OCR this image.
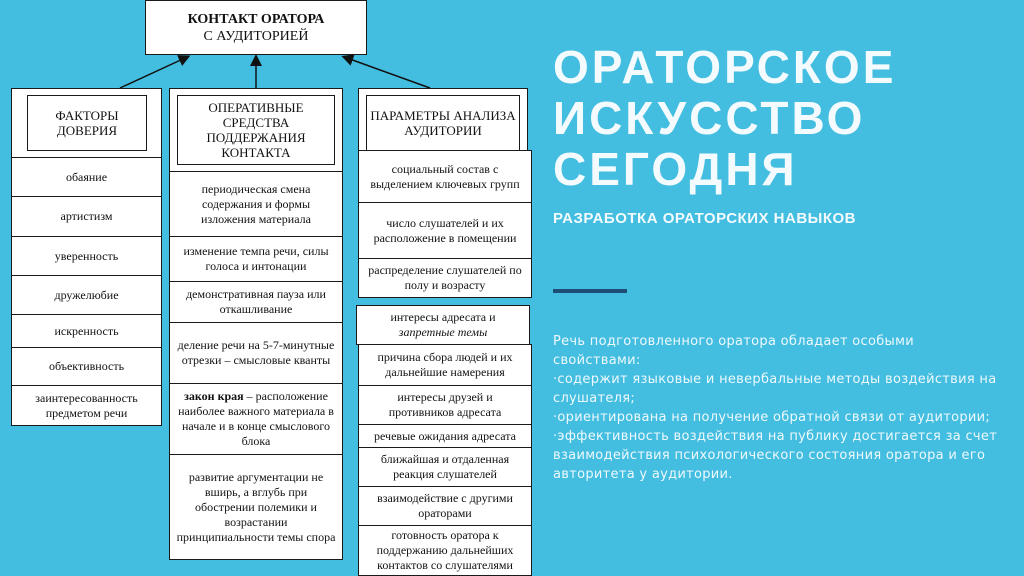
КОНТАКТ ОРАТОРА
С АУДИТОРИЕЙ
ФАКТОРЫ ДОВЕРИЯ
обаяние
артистизм
уверенность
дружелюбие
искренность
объективность
заинтересованность предметом речи
ОПЕРАТИВНЫЕ СРЕДСТВА ПОДДЕРЖАНИЯ КОНТАКТА
периодическая смена содержания и формы изложения материала
изменение темпа речи, силы голоса и интонации
демонстративная пауза или откашливание
деление речи на 5-7-минутные отрезки – смысловые кванты
закон края – расположение наиболее важного материала в начале и в конце смыслового блока
развитие аргументации не вширь, а вглубь при обострении полемики и возрастании принципиальности темы спора
ПАРАМЕТРЫ АНАЛИЗА АУДИТОРИИ
социальный состав с выделением ключевых групп
число слушателей и их расположение в помещении
распределение слушателей по полу и возрасту
интересы адресата и
запретные темы
причина сбора людей и их дальнейшие намерения
интересы друзей и противников адресата
речевые ожидания адресата
ближайшая и отдаленная реакция слушателей
взаимодействие с другими ораторами
готовность оратора к поддержанию дальнейших контактов со слушателями
ОРАТОРСКОЕ ИСКУССТВО СЕГОДНЯ
РАЗРАБОТКА ОРАТОРСКИХ НАВЫКОВ

Речь подготовленного оратора обладает особыми свойствами:

·содержит языковые и невербальные методы воздействия на слушателя;

·ориентирована на получение обратной связи от аудитории;

·эффективность воздействия на публику достигается за счет взаимодействия психологического состояния оратора и его авторитета у аудитории.
